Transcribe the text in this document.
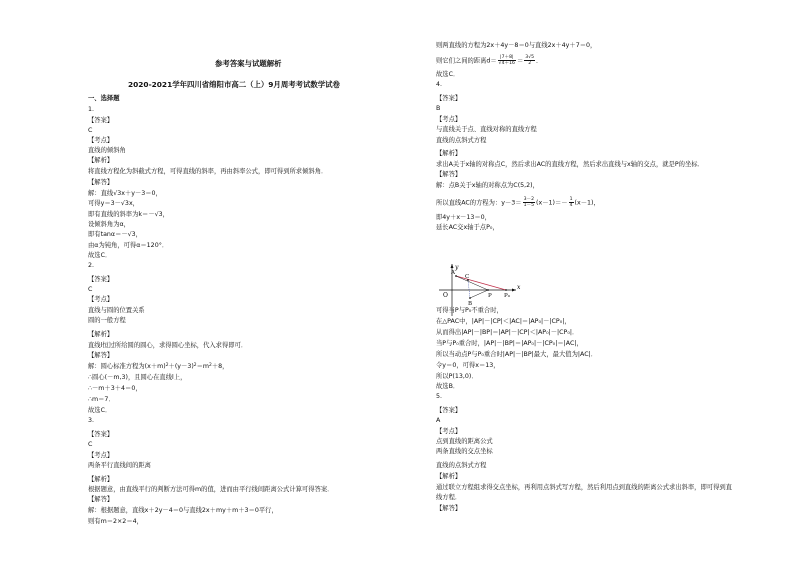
参考答案与试题解析
2020-2021学年四川省绵阳市高二（上）9月周考考试数学试卷
一、选择题
1.
【答案】
C
【考点】
直线的倾斜角
【解析】
将直线方程化为斜截式方程，可得直线的斜率，再由斜率公式，即可得到所求倾斜角．
【解答】
解：直线√3x＋y－3＝0，
可得y＝3－√3x，
即有直线的斜率为k＝－√3，
设倾斜角为α，
即有tanα＝－√3，
由α为钝角，可得α＝120°．
故选C．
2.
【答案】
C
【考点】
直线与圆的位置关系
圆的一般方程
【解析】
直线l恒过所给圆的圆心，求得圆心坐标，代入求得即可．
【解答】
解：圆心标准方程为$(x+m)^2+(y-3)^2=m^2+8$，
∴圆心(－m,3)，且圆心在直线l上，
∴－m＋3＋4＝0，
∴m＝7．
故选C．
3.
【答案】
C
【考点】
两条平行直线间的距离
【解析】
根据题意，由直线平行的判断方法可得m的值，进而由平行线间距离公式计算可得答案．
【解答】
解：根据题意，直线x＋2y－4＝0与直线2x＋my＋m＋3＝0平行，
则有m＝2×2＝4，
则两直线的方程为2x＋4y－8＝0与直线2x＋4y＋7＝0，
则它们之间的距离$d= \frac{|7+8|}{√4+16} = \frac{3√5}{2}$ ．
故选C．
4.
【答案】
B
【考点】
与直线关于点、直线对称的直线方程
直线的点斜式方程
【解析】
求出A关于x轴的对称点C，然后求出AC的直线方程，然后求出直线与x轴的交点，就是P的坐标．
【解答】
解：点B关于x轴的对称点为C(5,2)，
所以直线AC的方程为：$y-3= \frac{3-2}{1-5} (x-1)=- \frac{1}{4} (x-1)$，
即4y＋x－13＝0，
延长AC交x轴于点P₀，
可得当P与P₀不重合时，
在△PAC中，|AP|－|CP|＜|AC|＝|AP₀|－|CP₀|，
从而得出|AP|－|BP|＝|AP|－|CP|＜|AP₀|－|CP₀|．
当P与P₀重合时，|AP|－|BP|＝|AP₀|－|CP₀|＝|AC|，
所以当动点P与P₀重合时|AP|－|BP|最大，最大值为|AC|．
令y＝0，可得x＝13，
所以P(13,0)．
故选B．
5.
【答案】
A
【考点】
点到直线的距离公式
两条直线的交点坐标
直线的点斜式方程
【解析】
通过联立方程组求得交点坐标，再利用点斜式写方程，然后利用点到直线的距离公式求出斜率，即可得到直
线方程．
【解答】
y
x
O
A
C
P P₀
B
